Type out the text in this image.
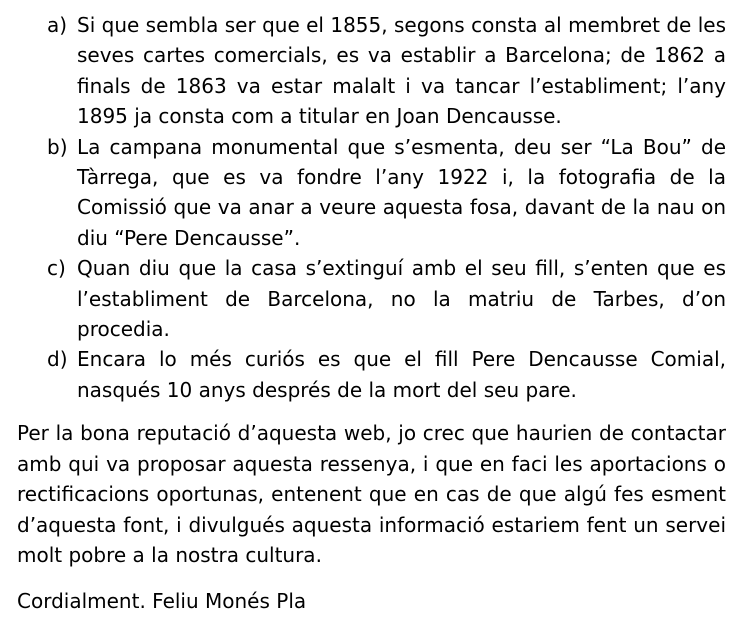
a) Si que sembla ser que el 1855, segons consta al membret de les seves cartes comercials, es va establir a Barcelona; de 1862 a finals de 1863 va estar malalt i va tancar l’establiment; l’any 1895 ja consta com a titular en Joan Dencausse.
b) La campana monumental que s’esmenta, deu ser “La Bou” de Tàrrega, que es va fondre l’any 1922 i, la fotografia de la Comissió que va anar a veure aquesta fosa, davant de la nau on diu “Pere Dencausse”.
c) Quan diu que la casa s’extinguí amb el seu fill, s’enten que es l’establiment de Barcelona, no la matriu de Tarbes, d’on procedia.
d) Encara lo més curiós es que el fill Pere Dencausse Comial, nasqués 10 anys després de la mort del seu pare.

Per la bona reputació d’aquesta web, jo crec que haurien de contactar amb qui va proposar aquesta ressenya, i que en faci les aportacions o rectificacions oportunas, entenent que en cas de que algú fes esment d’aquesta font, i divulgués aquesta informació estariem fent un servei molt pobre a la nostra cultura.

Cordialment. Feliu Monés Pla
